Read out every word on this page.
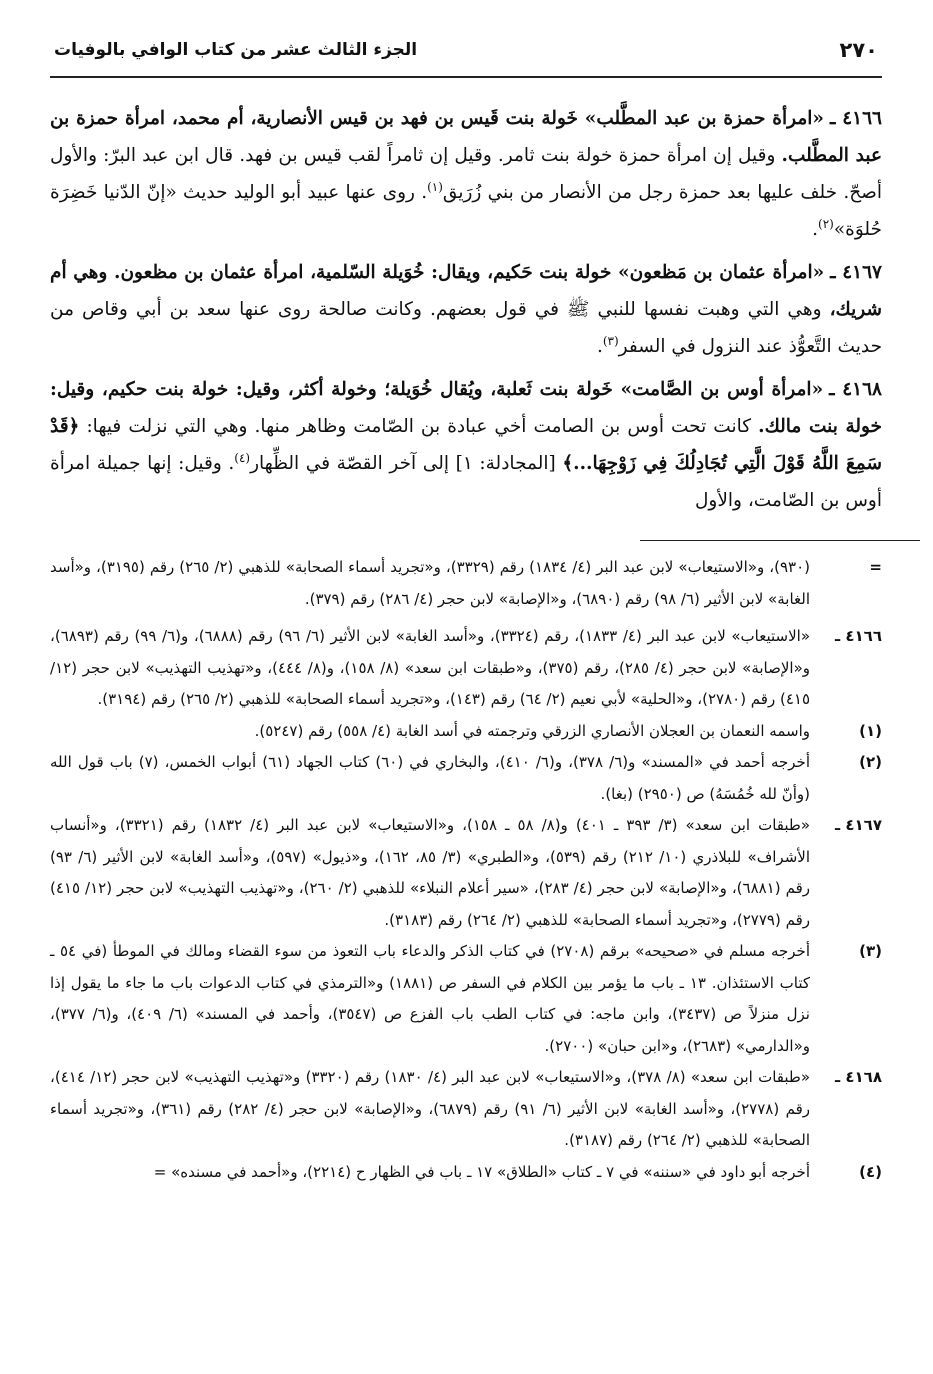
٢٧٠
الجزء الثالث عشر من كتاب الوافي بالوفيات

٤١٦٦ ـ«امرأة حمزة بن عبد المطَّلب» خَولة بنت قَيس بن فهد بن قيس الأنصارية، أم محمد، امرأة حمزة بن عبد المطَّلب. وقيل إن امرأة حمزة خولة بنت ثامر. وقيل إن ثامراً لقب قيس بن فهد. قال ابن عبد البرّ: والأول أصحّ. خلف عليها بعد حمزة رجل من الأنصار من بني زُرَيق$^{(١)}$. روى عنها عبيد أبو الوليد حديث «إنّ الدّنيا خَضِرَة حُلوَة»$^{(٢)}$.

٤١٦٧ ـ«امرأة عثمان بن مَظعون» خولة بنت حَكيم، ويقال: خُوَيلة السّلمية، امرأة عثمان بن مظعون. وهي أم شريك، وهي التي وهبت نفسها للنبي ﷺ في قول بعضهم. وكانت صالحة روى عنها سعد بن أبي وقاص من حديث التَّعوُّذ عند النزول في السفر$^{(٣)}$.

٤١٦٨ ـ«امرأة أوس بن الصَّامت» خَولة بنت ثَعلبة، ويُقال خُوَيلة؛ وخولة أكثر، وقيل: خولة بنت حكيم، وقيل: خولة بنت مالك. كانت تحت أوس بن الصامت أخي عبادة بن الصّامت وظاهر منها. وهي التي نزلت فيها: ﴿قَدْ سَمِعَ اللَّهُ قَوْلَ الَّتِي تُجَادِلُكَ فِي زَوْجِهَا...﴾ [المجادلة: ١] إلى آخر القصّة في الظِّهار$^{(٤)}$. وقيل: إنها جميلة امرأة أوس بن الصّامت، والأول

=
(٩٣٠)، و«الاستيعاب» لابن عبد البر (٤/ ١٨٣٤) رقم (٣٣٢٩)، و«تجريد أسماء الصحابة» للذهبي (٢/ ٢٦٥) رقم (٣١٩٥)، و«أسد الغابة» لابن الأثير (٦/ ٩٨) رقم (٦٨٩٠)، و«الإصابة» لابن حجر (٤/ ٢٨٦) رقم (٣٧٩).
٤١٦٦ ـ
«الاستيعاب» لابن عبد البر (٤/ ١٨٣٣)، رقم (٣٣٢٤)، و«أسد الغابة» لابن الأثير (٦/ ٩٦) رقم (٦٨٨٨)، و(٦/ ٩٩) رقم (٦٨٩٣)، و«الإصابة» لابن حجر (٤/ ٢٨٥)، رقم (٣٧٥)، و«طبقات ابن سعد» (٨/ ١٥٨)، و(٨/ ٤٤٤)، و«تهذيب التهذيب» لابن حجر (١٢/ ٤١٥) رقم (٢٧٨٠)، و«الحلية» لأبي نعيم (٢/ ٦٤) رقم (١٤٣)، و«تجريد أسماء الصحابة» للذهبي (٢/ ٢٦٥) رقم (٣١٩٤).
(١)
واسمه النعمان بن العجلان الأنصاري الزرقي وترجمته في أسد الغابة (٤/ ٥٥٨) رقم (٥٢٤٧).
(٢)
أخرجه أحمد في «المسند» و(٦/ ٣٧٨)، و(٦/ ٤١٠)، والبخاري في (٦٠) كتاب الجهاد (٦١) أبواب الخمس، (٧) باب قول الله (وأنّ لله خُمُسَهُ) ص (٢٩٥٠) (بغا).
٤١٦٧ ـ
«طبقات ابن سعد» (٣/ ٣٩٣ ـ ٤٠١) و(٨/ ٥٨ ـ ١٥٨)، و«الاستيعاب» لابن عبد البر (٤/ ١٨٣٢) رقم (٣٣٢١)، و«أنساب الأشراف» للبلاذري (١٠/ ٢١٢) رقم (٥٣٩)، و«الطبري» (٣/ ٨٥، ١٦٢)، و«ذيول» (٥٩٧)، و«أسد الغابة» لابن الأثير (٦/ ٩٣) رقم (٦٨٨١)، و«الإصابة» لابن حجر (٤/ ٢٨٣)، «سير أعلام النبلاء» للذهبي (٢/ ٢٦٠)، و«تهذيب التهذيب» لابن حجر (١٢/ ٤١٥) رقم (٢٧٧٩)، و«تجريد أسماء الصحابة» للذهبي (٢/ ٢٦٤) رقم (٣١٨٣).
(٣)
أخرجه مسلم في «صحيحه» برقم (٢٧٠٨) في كتاب الذكر والدعاء باب التعوذ من سوء القضاء ومالك في الموطأ (في ٥٤ ـ كتاب الاستئذان. ١٣ ـ باب ما يؤمر بين الكلام في السفر ص (١٨٨١) و«الترمذي في كتاب الدعوات باب ما جاء ما يقول إذا نزل منزلاً ص (٣٤٣٧)، وابن ماجه: في كتاب الطب باب الفزع ص (٣٥٤٧)، وأحمد في المسند» (٦/ ٤٠٩)، و(٦/ ٣٧٧)، و«الدارمي» (٢٦٨٣)، و«ابن حبان» (٢٧٠٠).
٤١٦٨ ـ
«طبقات ابن سعد» (٨/ ٣٧٨)، و«الاستيعاب» لابن عبد البر (٤/ ١٨٣٠) رقم (٣٣٢٠) و«تهذيب التهذيب» لابن حجر (١٢/ ٤١٤)، رقم (٢٧٧٨)، و«أسد الغابة» لابن الأثير (٦/ ٩١) رقم (٦٨٧٩)، و«الإصابة» لابن حجر (٤/ ٢٨٢) رقم (٣٦١)، و«تجريد أسماء الصحابة» للذهبي (٢/ ٢٦٤) رقم (٣١٨٧).
(٤)
أخرجه أبو داود في «سننه» في ٧ ـ كتاب «الطلاق» ١٧ ـ باب في الظهار ح (٢٢١٤)، و«أحمد في مسنده» =
